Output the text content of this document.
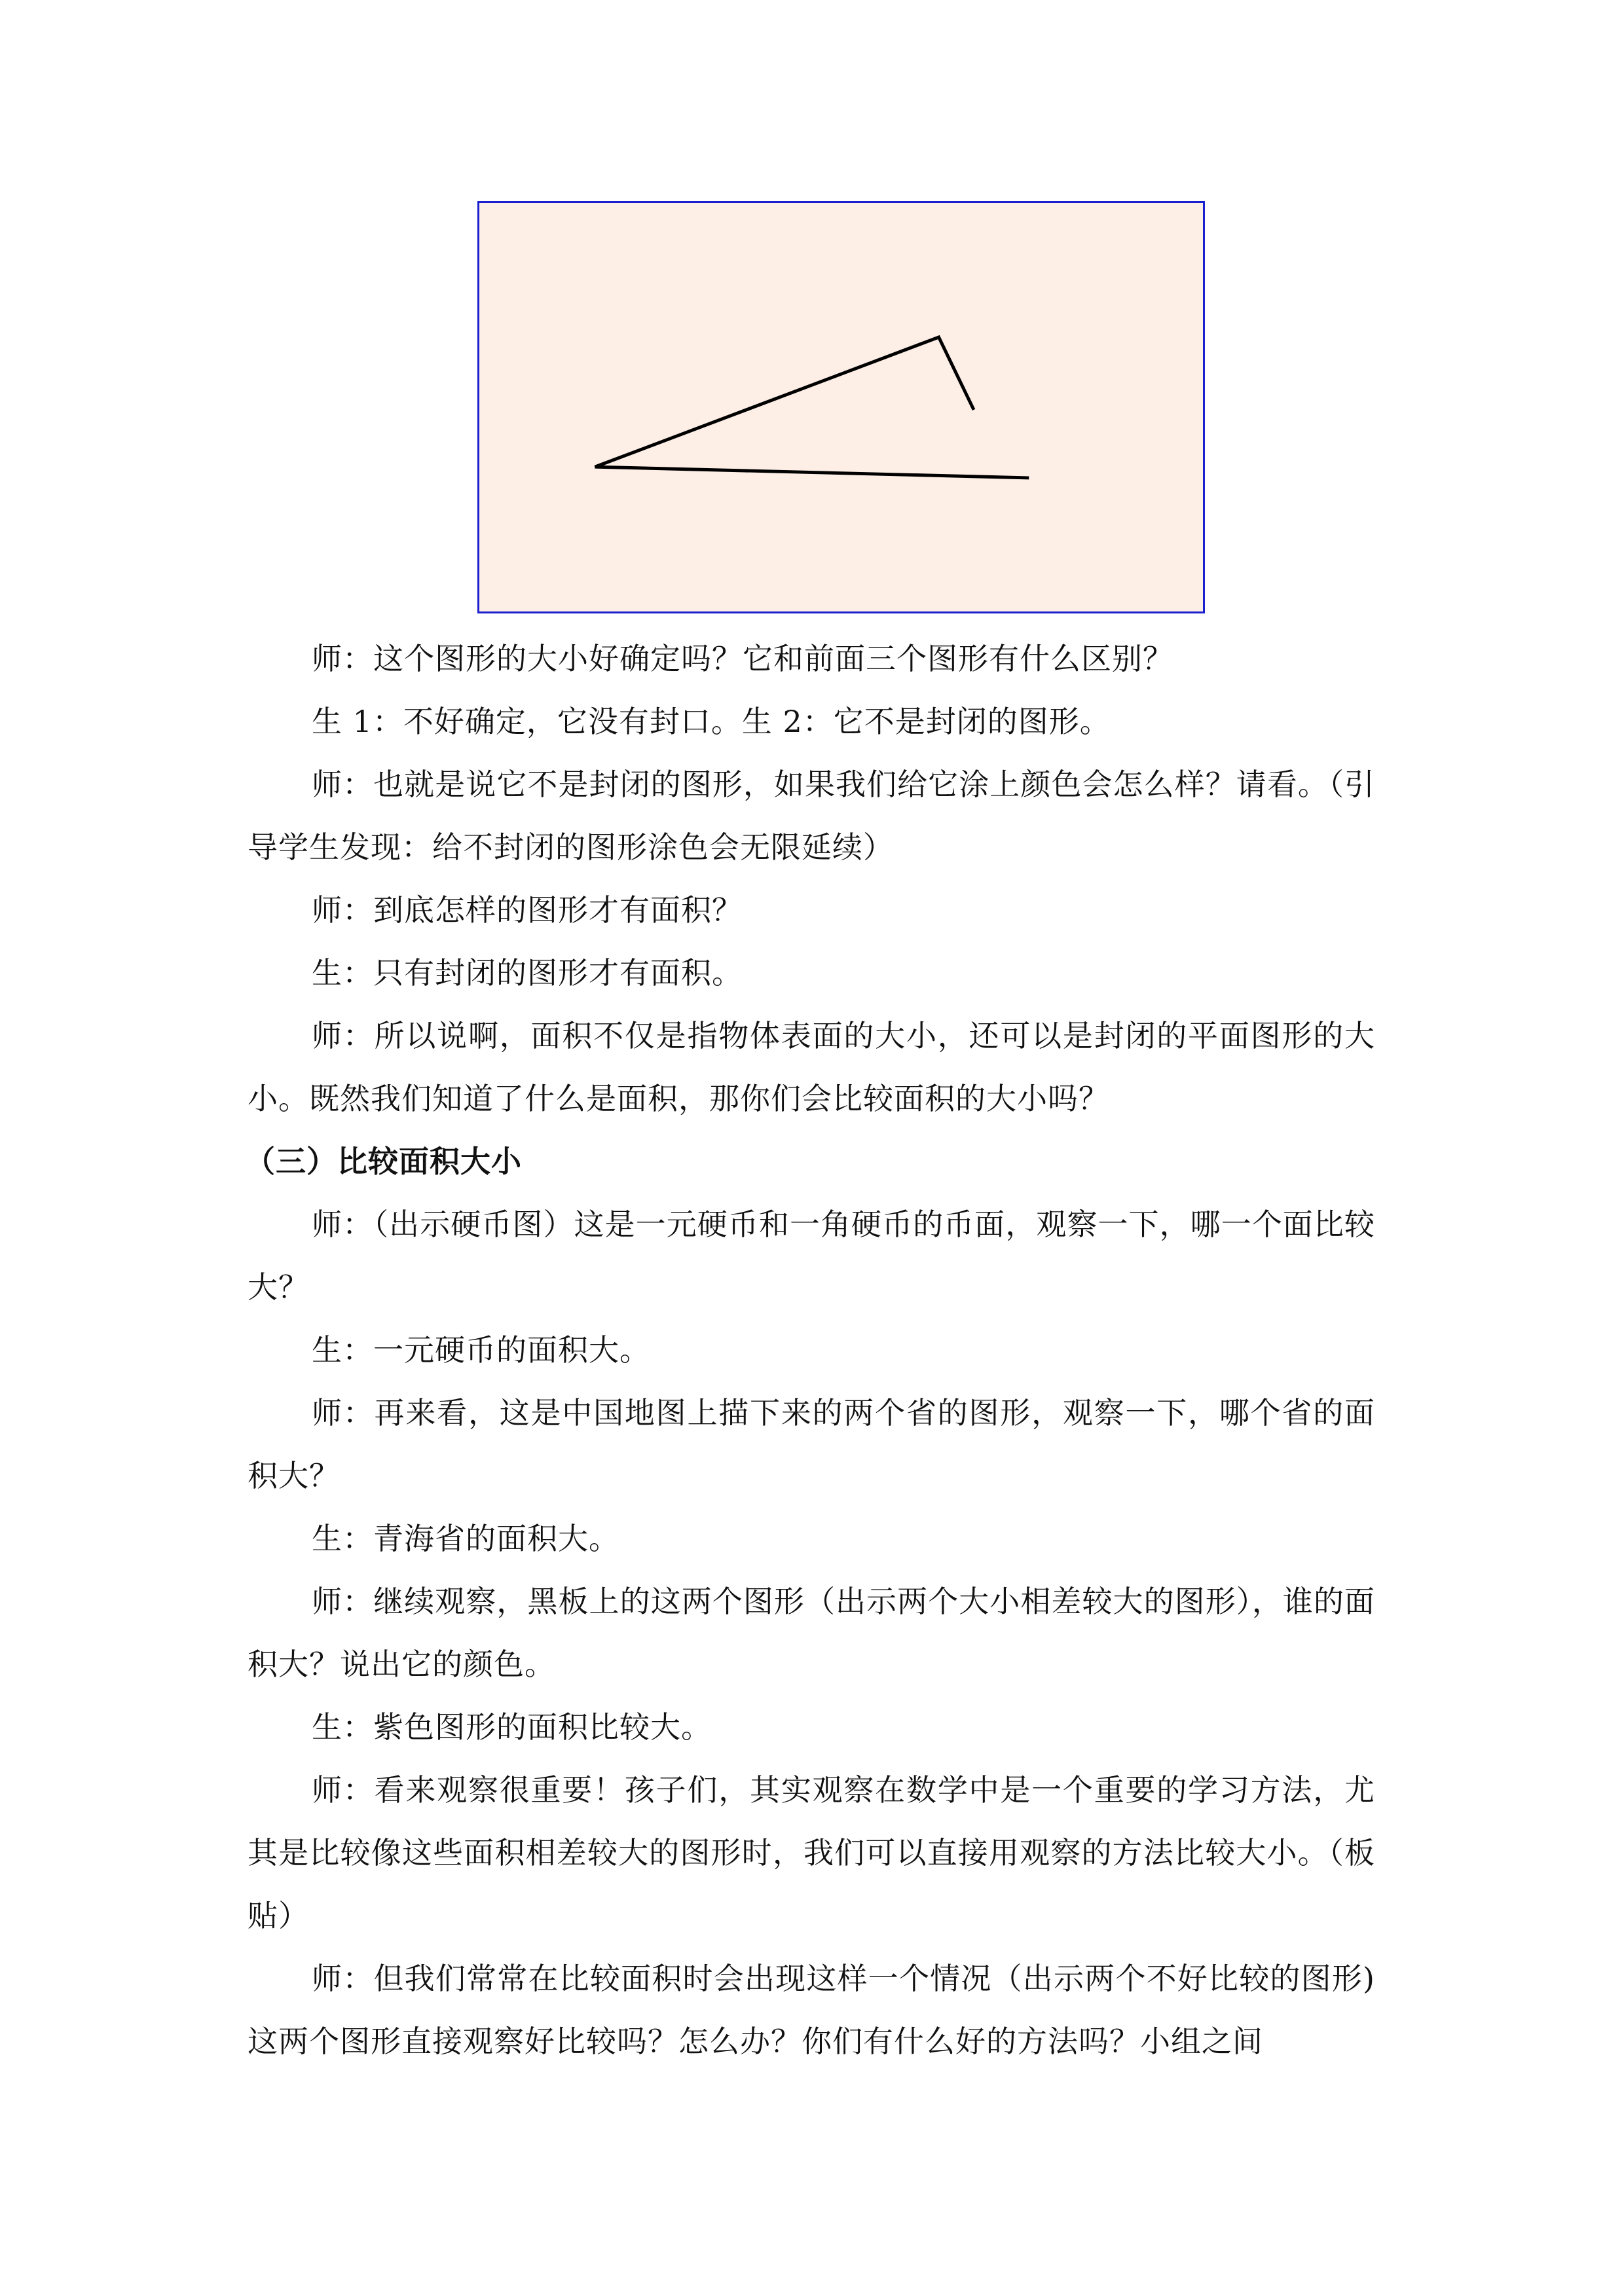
师：这个图形的大小好确定吗？它和前面三个图形有什么区别？

生 1：不好确定，它没有封口。生 2：它不是封闭的图形。

师：也就是说它不是封闭的图形，如果我们给它涂上颜色会怎么样？请看。（引导学生发现：给不封闭的图形涂色会无限延续）

师：到底怎样的图形才有面积？

生：只有封闭的图形才有面积。

师：所以说啊，面积不仅是指物体表面的大小，还可以是封闭的平面图形的大小。既然我们知道了什么是面积，那你们会比较面积的大小吗？

（三）比较面积大小

师：（出示硬币图）这是一元硬币和一角硬币的币面，观察一下，哪一个面比较大？

生：一元硬币的面积大。

师：再来看，这是中国地图上描下来的两个省的图形，观察一下，哪个省的面积大？

生：青海省的面积大。

师：继续观察，黑板上的这两个图形（出示两个大小相差较大的图形），谁的面积大？说出它的颜色。

生：紫色图形的面积比较大。

师：看来观察很重要！孩子们，其实观察在数学中是一个重要的学习方法，尤其是比较像这些面积相差较大的图形时，我们可以直接用观察的方法比较大小。（板贴）

师：但我们常常在比较面积时会出现这样一个情况（出示两个不好比较的图形)这两个图形直接观察好比较吗？怎么办？你们有什么好的方法吗？小组之间
